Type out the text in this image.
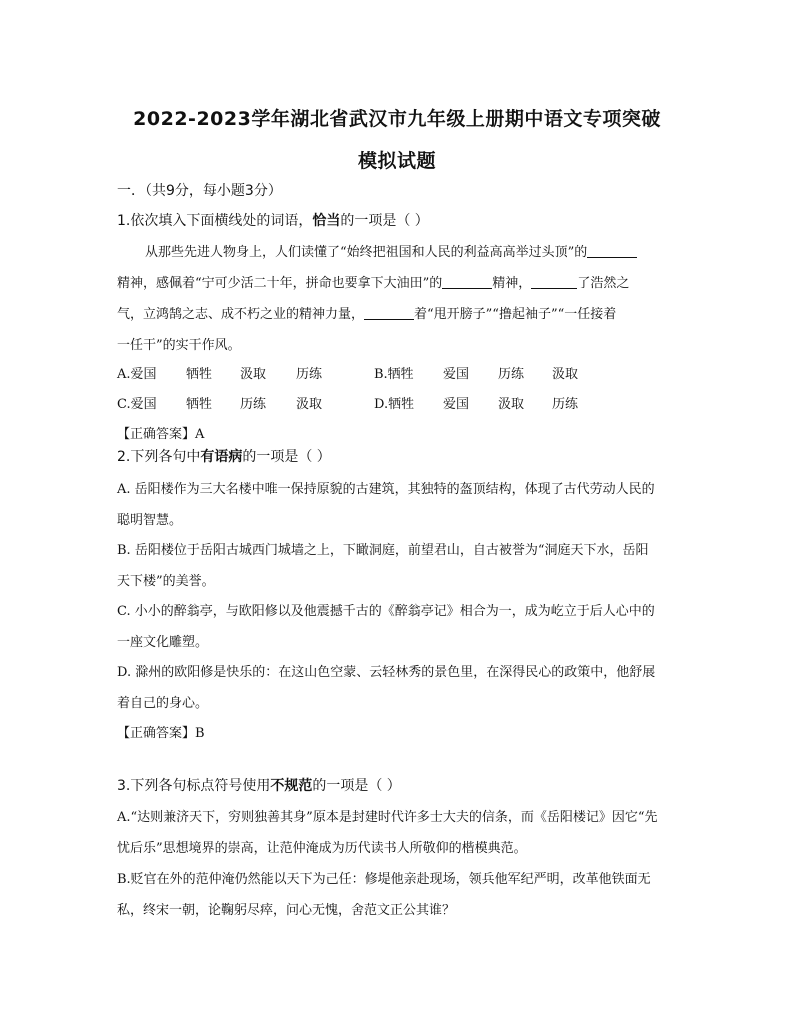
2022-2023学年湖北省武汉市九年级上册期中语文专项突破
模拟试题
一．（共9分，每小题3分）
1.依次填入下面横线处的词语，恰当的一项是（ ）
从那些先进人物身上，人们读懂了“始终把祖国和人民的利益高高举过头顶”的
精神，感佩着“宁可少活二十年，拼命也要拿下大油田”的	精神，	了浩然之
气，立鸿鹄之志、成不朽之业的精神力量，	着“甩开膀子”“撸起袖子”“一任接着
一任干”的实干作风。
A.爱国 牺牲 汲取 历练	B.牺牲 爱国 历练 汲取
C.爱国 牺牲 历练 汲取	D.牺牲 爱国 汲取 历练
【正确答案】A
2.下列各句中有语病的一项是（ ）
A. 岳阳楼作为三大名楼中唯一保持原貌的古建筑，其独特的盔顶结构，体现了古代劳动人民的
聪明智慧。
B. 岳阳楼位于岳阳古城西门城墙之上，下瞰洞庭，前望君山，自古被誉为“洞庭天下水，岳阳
天下楼”的美誉。
C. 小小的醉翁亭，与欧阳修以及他震撼千古的《醉翁亭记》相合为一，成为屹立于后人心中的
一座文化雕塑。
D. 滁州的欧阳修是快乐的：在这山色空蒙、云轻林秀的景色里，在深得民心的政策中，他舒展
着自己的身心。
【正确答案】B
3.下列各句标点符号使用不规范的一项是（ ）
A.“达则兼济天下，穷则独善其身”原本是封建时代许多士大夫的信条，而《岳阳楼记》因它“先
忧后乐”思想境界的崇高，让范仲淹成为历代读书人所敬仰的楷模典范。
B.贬官在外的范仲淹仍然能以天下为己任：修堤他亲赴现场，领兵他军纪严明，改革他铁面无
私，终宋一朝，论鞠躬尽瘁，问心无愧，舍范文正公其谁？
